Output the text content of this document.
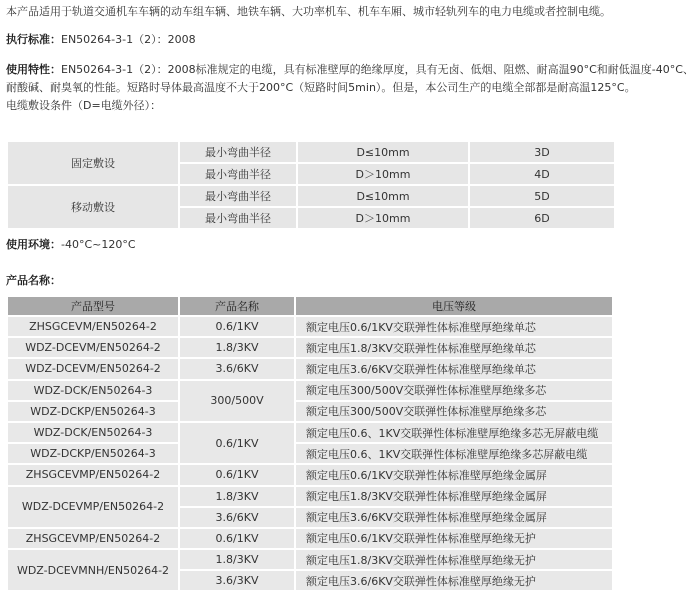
本产品适用于轨道交通机车车辆的动车组车辆、地铁车辆、大功率机车、机车车厢、城市轻轨列车的电力电缆或者控制电缆。
执行标准：EN50264-3-1（2）：2008
使用特性：EN50264-3-1（2）：2008标准规定的电缆，具有标准壁厚的绝缘厚度，具有无卤、低烟、阻燃、耐高温90°C和耐低温度-40°C、
耐酸碱、耐臭氧的性能。短路时导体最高温度不大于200°C（短路时间5min）。但是，本公司生产的电缆全部都是耐高温125°C。
电缆敷设条件（D=电缆外径）：
固定敷设	最小弯曲半径	D≤10mm	3D
	最小弯曲半径	D＞10mm	4D
移动敷设	最小弯曲半径	D≤10mm	5D
	最小弯曲半径	D＞10mm	6D
使用环境：-40°C~120°C
产品名称：
产品型号	产品名称	电压等级
ZHSGCEVM/EN50264-2	0.6/1KV	额定电压0.6/1KV交联弹性体标准壁厚绝缘单芯
WDZ-DCEVM/EN50264-2	1.8/3KV	额定电压1.8/3KV交联弹性体标准壁厚绝缘单芯
WDZ-DCEVM/EN50264-2	3.6/6KV	额定电压3.6/6KV交联弹性体标准壁厚绝缘单芯
WDZ-DCK/EN50264-3	300/500V	额定电压300/500V交联弹性体标准壁厚绝缘多芯
WDZ-DCKP/EN50264-3		额定电压300/500V交联弹性体标准壁厚绝缘多芯
WDZ-DCK/EN50264-3	0.6/1KV	额定电压0.6、1KV交联弹性体标准壁厚绝缘多芯无屏蔽电缆
WDZ-DCKP/EN50264-3		额定电压0.6、1KV交联弹性体标准壁厚绝缘多芯屏蔽电缆
ZHSGCEVMP/EN50264-2	0.6/1KV	额定电压0.6/1KV交联弹性体标准壁厚绝缘金属屏
WDZ-DCEVMP/EN50264-2	1.8/3KV	额定电压1.8/3KV交联弹性体标准壁厚绝缘金属屏
	3.6/6KV	额定电压3.6/6KV交联弹性体标准壁厚绝缘金属屏
ZHSGCEVMP/EN50264-2	0.6/1KV	额定电压0.6/1KV交联弹性体标准壁厚绝缘无护
WDZ-DCEVMNH/EN50264-2	1.8/3KV	额定电压1.8/3KV交联弹性体标准壁厚绝缘无护
	3.6/3KV	额定电压3.6/6KV交联弹性体标准壁厚绝缘无护
